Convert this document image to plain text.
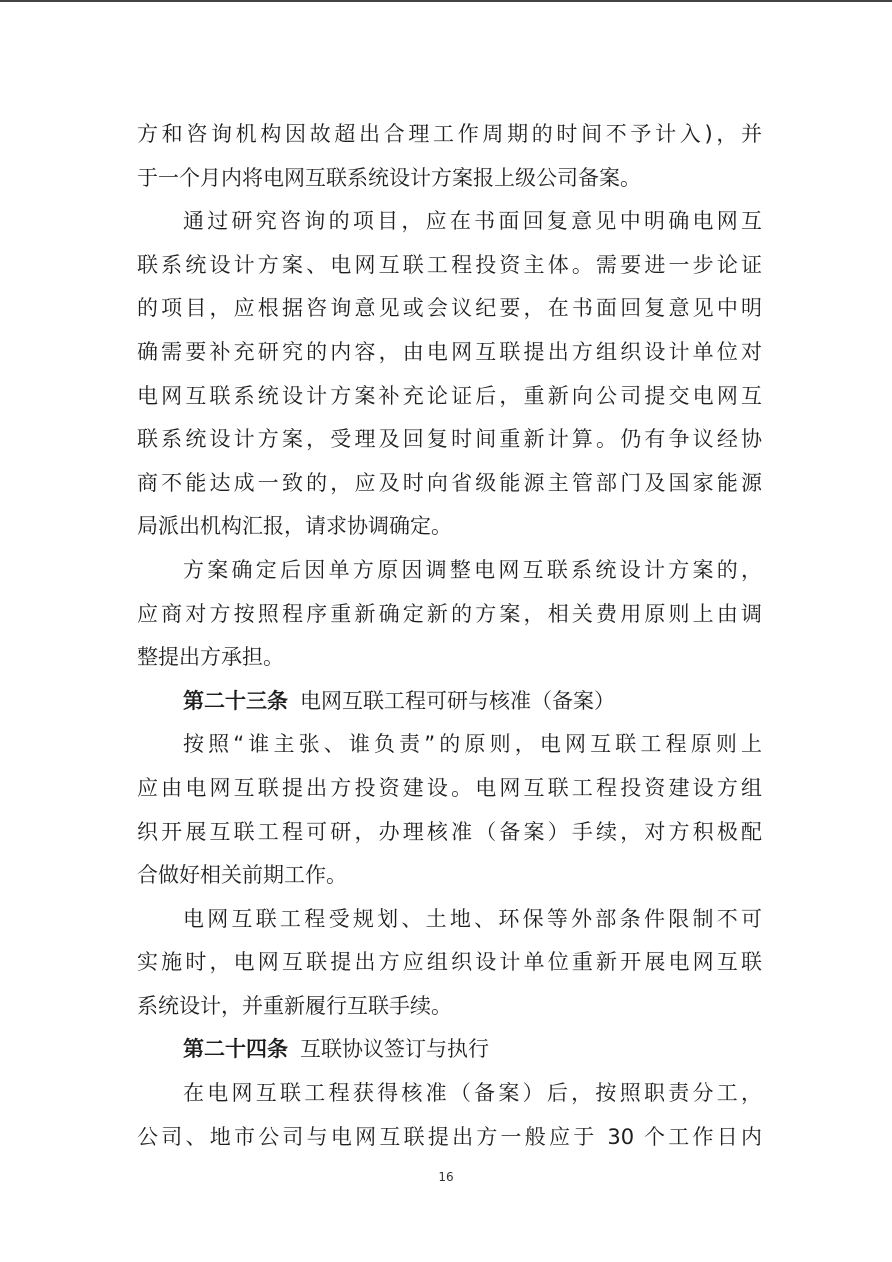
方和咨询机构因故超出合理工作周期的时间不予计入)，并
于一个月内将电网互联系统设计方案报上级公司备案。
通过研究咨询的项目，应在书面回复意见中明确电网互
联系统设计方案、电网互联工程投资主体。需要进一步论证
的项目，应根据咨询意见或会议纪要，在书面回复意见中明
确需要补充研究的内容，由电网互联提出方组织设计单位对
电网互联系统设计方案补充论证后，重新向公司提交电网互
联系统设计方案，受理及回复时间重新计算。仍有争议经协
商不能达成一致的，应及时向省级能源主管部门及国家能源
局派出机构汇报，请求协调确定。
方案确定后因单方原因调整电网互联系统设计方案的，
应商对方按照程序重新确定新的方案，相关费用原则上由调
整提出方承担。
第二十三条 电网互联工程可研与核准（备案）
按照“谁主张、谁负责”的原则，电网互联工程原则上
应由电网互联提出方投资建设。电网互联工程投资建设方组
织开展互联工程可研，办理核准（备案）手续，对方积极配
合做好相关前期工作。
电网互联工程受规划、土地、环保等外部条件限制不可
实施时，电网互联提出方应组织设计单位重新开展电网互联
系统设计，并重新履行互联手续。
第二十四条 互联协议签订与执行
在电网互联工程获得核准（备案）后，按照职责分工，
公司、地市公司与电网互联提出方一般应于 30 个工作日内
16
